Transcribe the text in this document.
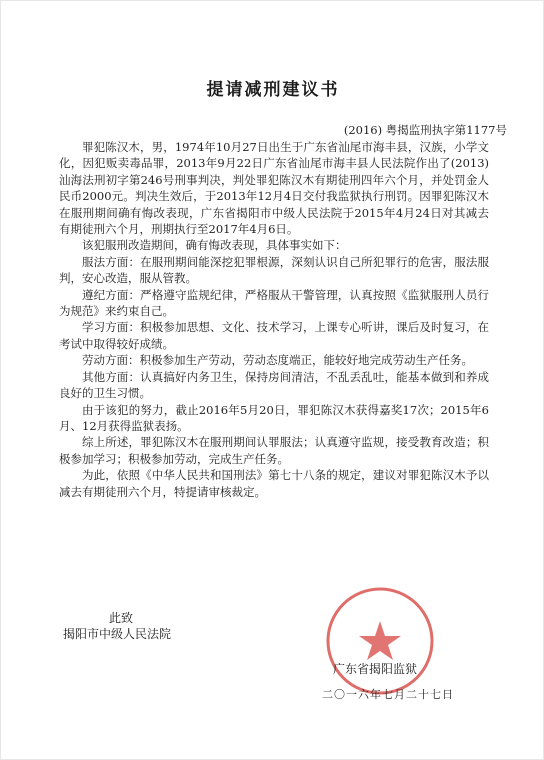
提请减刑建议书
(2016) 粤揭监刑执字第1177号

罪犯陈汉木，男，1974年10月27日出生于广东省汕尾市海丰县，汉族，小学文化，因犯贩卖毒品罪，2013年9月22日广东省汕尾市海丰县人民法院作出了(2013)汕海法刑初字第246号刑事判决，判处罪犯陈汉木有期徒刑四年六个月，并处罚金人民币2000元。判决生效后，于2013年12月4日交付我监狱执行刑罚。因罪犯陈汉木在服刑期间确有悔改表现，广东省揭阳市中级人民法院于2015年4月24日对其减去有期徒刑六个月，刑期执行至2017年4月6日。

该犯服刑改造期间，确有悔改表现，具体事实如下：

服法方面：在服刑期间能深挖犯罪根源，深刻认识自己所犯罪行的危害，服法服判，安心改造，服从管教。

遵纪方面：严格遵守监规纪律，严格服从干警管理，认真按照《监狱服刑人员行为规范》来约束自己。

学习方面：积极参加思想、文化、技术学习，上课专心听讲，课后及时复习，在考试中取得较好成绩。

劳动方面：积极参加生产劳动，劳动态度端正，能较好地完成劳动生产任务。

其他方面：认真搞好内务卫生，保持房间清洁，不乱丢乱吐，能基本做到和养成良好的卫生习惯。

由于该犯的努力，截止2016年5月20日，罪犯陈汉木获得嘉奖17次；2015年6月、12月获得监狱表扬。

综上所述，罪犯陈汉木在服刑期间认罪服法；认真遵守监规，接受教育改造；积极参加学习；积极参加劳动，完成生产任务。

为此，依照《中华人民共和国刑法》第七十八条的规定，建议对罪犯陈汉木予以减去有期徒刑六个月，特提请审核裁定。

此致
揭阳市中级人民法院
广东省揭阳监狱
二〇一六年七月二十七日
